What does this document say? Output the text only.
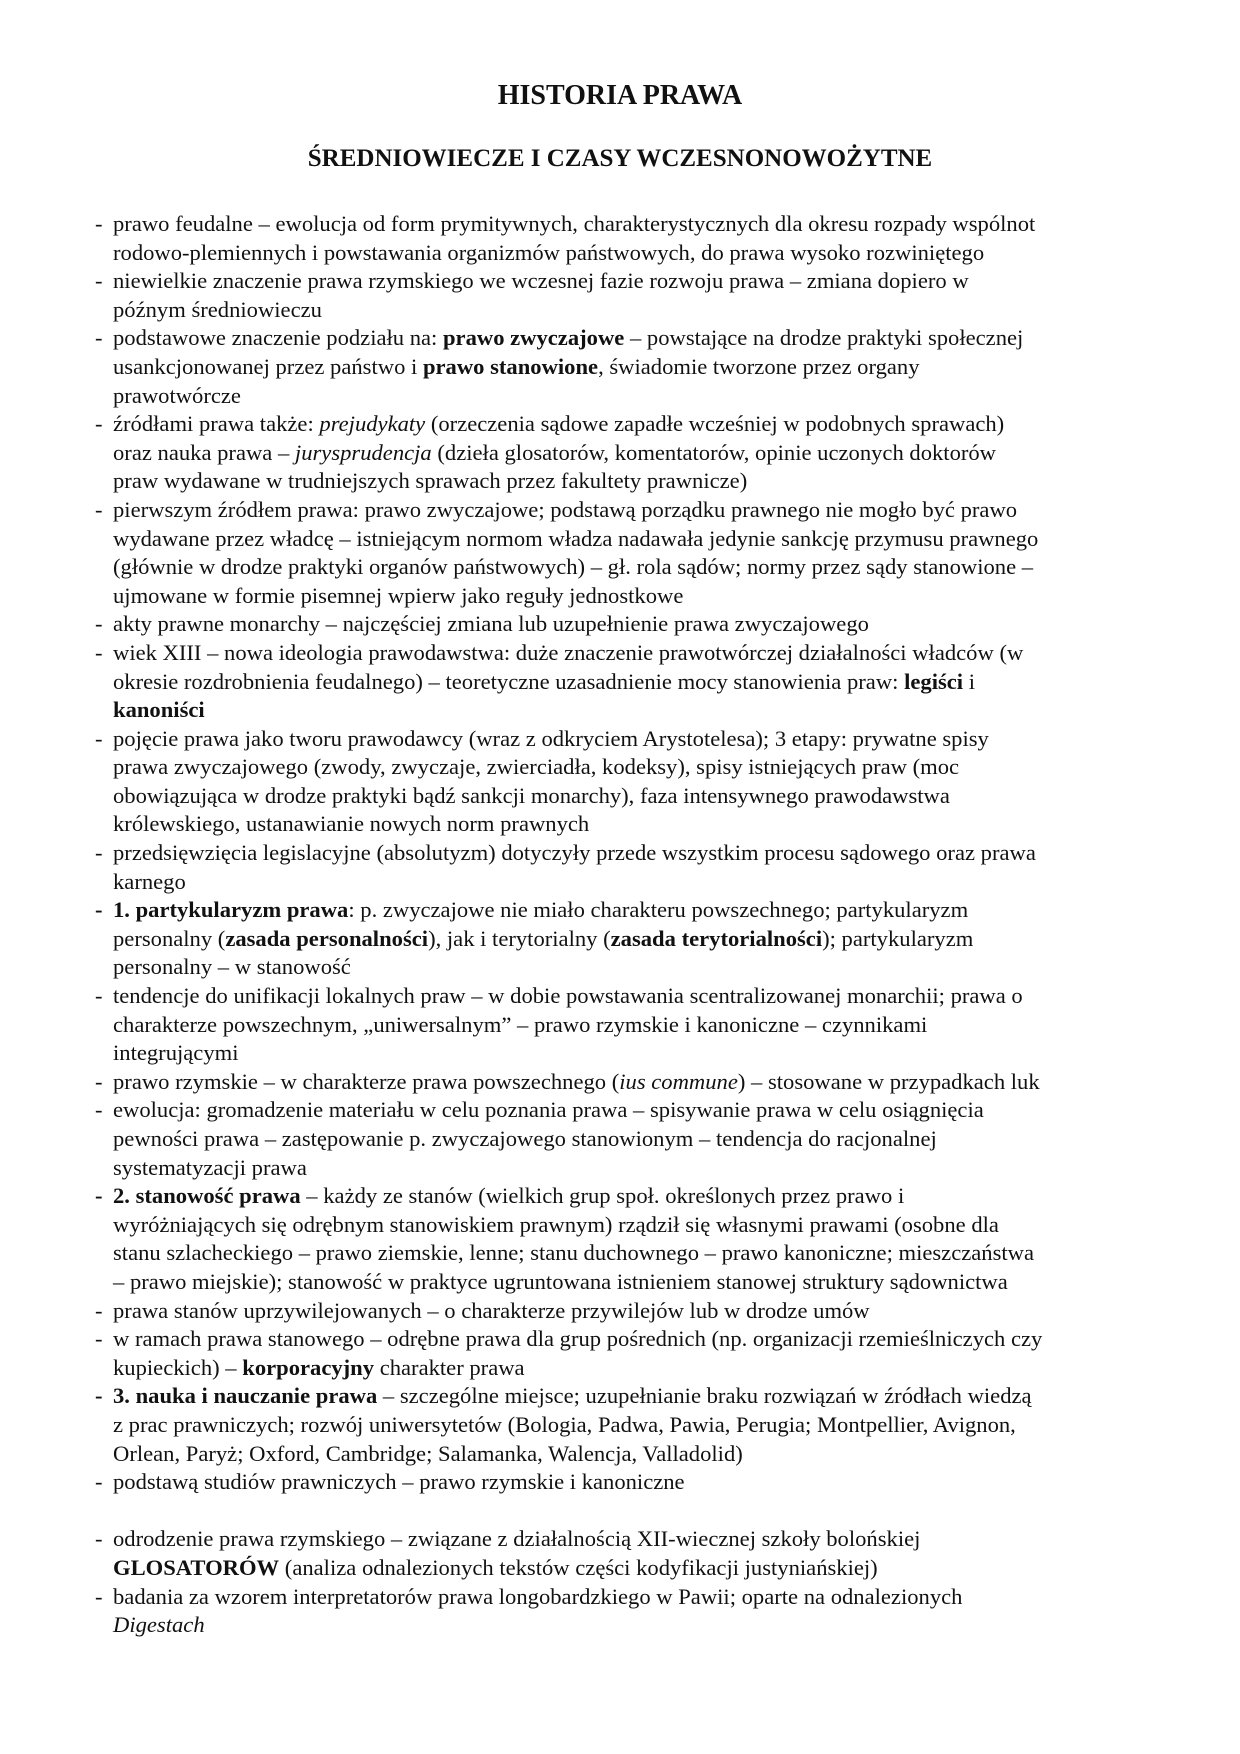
HISTORIA PRAWA
ŚREDNIOWIECZE I CZASY WCZESNONOWOŻYTNE
- prawo feudalne – ewolucja od form prymitywnych, charakterystycznych dla okresu rozpady wspólnot
rodowo-plemiennych i powstawania organizmów państwowych, do prawa wysoko rozwiniętego
- niewielkie znaczenie prawa rzymskiego we wczesnej fazie rozwoju prawa – zmiana dopiero w
późnym średniowieczu
- podstawowe znaczenie podziału na: prawo zwyczajowe – powstające na drodze praktyki społecznej
usankcjonowanej przez państwo i prawo stanowione, świadomie tworzone przez organy
prawotwórcze
- źródłami prawa także: prejudykaty (orzeczenia sądowe zapadłe wcześniej w podobnych sprawach)
oraz nauka prawa – jurysprudencja (dzieła glosatorów, komentatorów, opinie uczonych doktorów
praw wydawane w trudniejszych sprawach przez fakultety prawnicze)
- pierwszym źródłem prawa: prawo zwyczajowe; podstawą porządku prawnego nie mogło być prawo
wydawane przez władcę – istniejącym normom władza nadawała jedynie sankcję przymusu prawnego
(głównie w drodze praktyki organów państwowych) – gł. rola sądów; normy przez sądy stanowione –
ujmowane w formie pisemnej wpierw jako reguły jednostkowe
- akty prawne monarchy – najczęściej zmiana lub uzupełnienie prawa zwyczajowego
- wiek XIII – nowa ideologia prawodawstwa: duże znaczenie prawotwórczej działalności władców (w
okresie rozdrobnienia feudalnego) – teoretyczne uzasadnienie mocy stanowienia praw: legiści i
kanoniści
- pojęcie prawa jako tworu prawodawcy (wraz z odkryciem Arystotelesa); 3 etapy: prywatne spisy
prawa zwyczajowego (zwody, zwyczaje, zwierciadła, kodeksy), spisy istniejących praw (moc
obowiązująca w drodze praktyki bądź sankcji monarchy), faza intensywnego prawodawstwa
królewskiego, ustanawianie nowych norm prawnych
- przedsięwzięcia legislacyjne (absolutyzm) dotyczyły przede wszystkim procesu sądowego oraz prawa
karnego
- 1. partykularyzm prawa: p. zwyczajowe nie miało charakteru powszechnego; partykularyzm
personalny (zasada personalności), jak i terytorialny (zasada terytorialności); partykularyzm
personalny – w stanowość
- tendencje do unifikacji lokalnych praw – w dobie powstawania scentralizowanej monarchii; prawa o
charakterze powszechnym, „uniwersalnym” – prawo rzymskie i kanoniczne – czynnikami
integrującymi
- prawo rzymskie – w charakterze prawa powszechnego (ius commune) – stosowane w przypadkach luk
- ewolucja: gromadzenie materiału w celu poznania prawa – spisywanie prawa w celu osiągnięcia
pewności prawa – zastępowanie p. zwyczajowego stanowionym – tendencja do racjonalnej
systematyzacji prawa
- 2. stanowość prawa – każdy ze stanów (wielkich grup społ. określonych przez prawo i
wyróżniających się odrębnym stanowiskiem prawnym) rządził się własnymi prawami (osobne dla
stanu szlacheckiego – prawo ziemskie, lenne; stanu duchownego – prawo kanoniczne; mieszczaństwa
– prawo miejskie); stanowość w praktyce ugruntowana istnieniem stanowej struktury sądownictwa
- prawa stanów uprzywilejowanych – o charakterze przywilejów lub w drodze umów
- w ramach prawa stanowego – odrębne prawa dla grup pośrednich (np. organizacji rzemieślniczych czy
kupieckich) – korporacyjny charakter prawa
- 3. nauka i nauczanie prawa – szczególne miejsce; uzupełnianie braku rozwiązań w źródłach wiedzą
z prac prawniczych; rozwój uniwersytetów (Bologia, Padwa, Pawia, Perugia; Montpellier, Avignon,
Orlean, Paryż; Oxford, Cambridge; Salamanka, Walencja, Valladolid)
- podstawą studiów prawniczych – prawo rzymskie i kanoniczne
- odrodzenie prawa rzymskiego – związane z działalnością XII-wiecznej szkoły bolońskiej
GLOSATORÓW (analiza odnalezionych tekstów części kodyfikacji justyniańskiej)
- badania za wzorem interpretatorów prawa longobardzkiego w Pawii; oparte na odnalezionych
Digestach
